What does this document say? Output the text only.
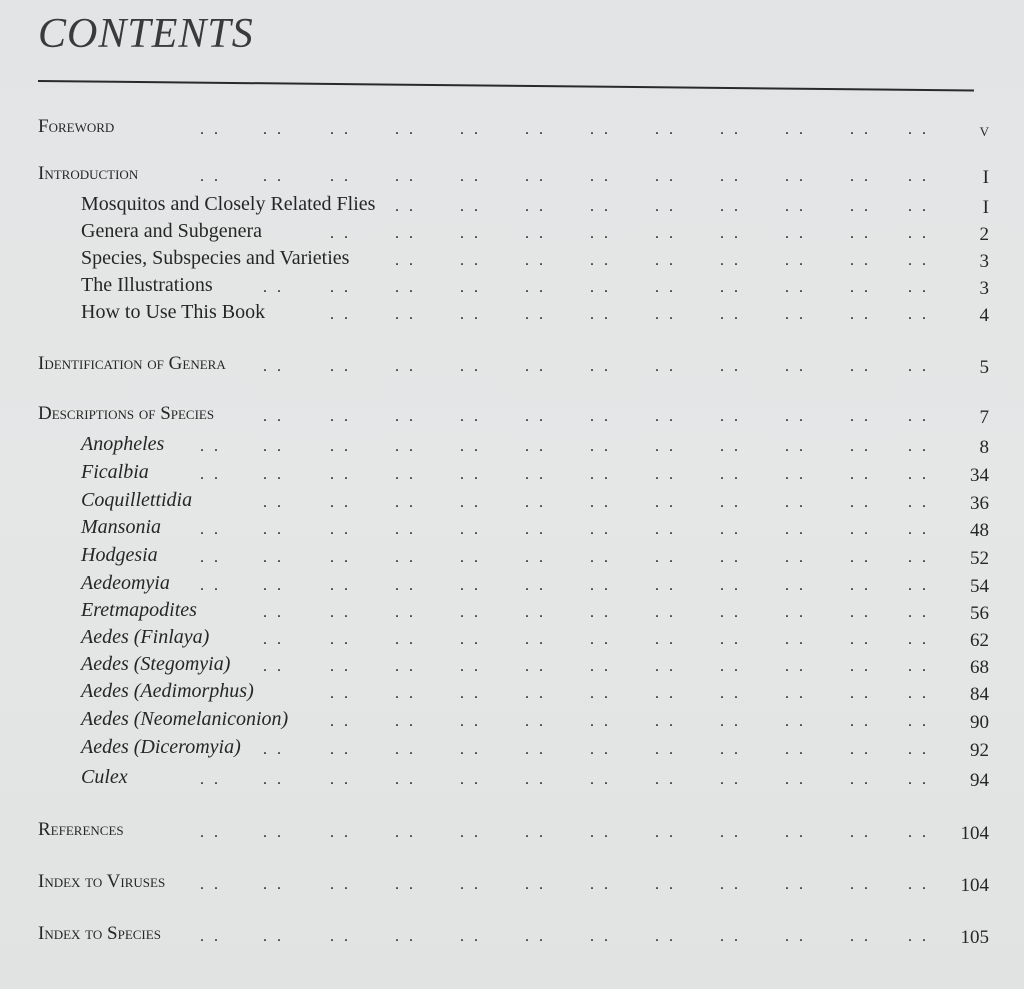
CONTENTS
Foreword	. .	. .	. .	. .	. .	. .	. .	. .	. .	. .	. . . .	v
Introduction	. .	. .	. .	. .	. .	. .	. .	. .	. .	. .	. . . .	I
Mosquitos and Closely Related Flies . .	. .	. .	. .	. .	. .	. .	. . . .	I
Genera and Subgenera	. .	. .	. .	. .	. .	. .	. .	. .	. . . .	2
Species, Subspecies and Varieties	. .	. .	. .	. .	. .	. .	. .	. . . .	3
The Illustrations	. .	. .	. .	. .	. .	. .	. .	. .	. .	. . . .	3
How to Use This Book	. .	. .	. .	. .	. .	. .	. .	. .	. . . .	4
Identification of Genera . .	. .	. .	. .	. .	. .	. .	. .	. .	. . . .	5
Descriptions of Species	. .	. .	. .	. .	. .	. .	. .	. .	. .	. . . .	7
Anopheles . .	. .	. .	. .	. .	. .	. .	. .	. .	. .	. . . .	8
Ficalbia	. .	. .	. .	. .	. .	. .	. .	. .	. .	. .	. . . . 34
Coquillettidia	. .	. .	. .	. .	. .	. .	. .	. .	. .	. . . . 36
Mansonia . .	. .	. .	. .	. .	. .	. .	. .	. .	. .	. . . . 48
Hodgesia	. .	. .	. .	. .	. .	. .	. .	. .	. .	. .	. . . . 52
Aedeomyia . .	. .	. .	. .	. .	. .	. .	. .	. .	. .	. . . . 54
Eretmapodites	. .	. .	. .	. .	. .	. .	. .	. .	. .	. . . . 56
Aedes (Finlaya)	. .	. .	. .	. .	. .	. .	. .	. .	. .	. . . . 62
Aedes (Stegomyia) . .	. .	. .	. .	. .	. .	. .	. .	. .	. . . . 68
Aedes (Aedimorphus)	. .	. .	. .	. .	. .	. .	. .	. .	. . . . 84
Aedes (Neomelaniconion)	. .	. .	. .	. .	. .	. .	. .	. .	. . . . 90
Aedes (Diceromyia) . .	. .	. .	. .	. .	. .	. .	. .	. .	. . . . 92
Culex	. .	. .	. .	. .	. .	. .	. .	. .	. .	. .	. . . . 94
References	. .	. .	. .	. .	. .	. .	. .	. .	. .	. .	. . . . 104
Index to Viruses . .	. .	. .	. .	. .	. .	. .	. .	. .	. .	. . . . 104
Index to Species . .	. .	. .	. .	. .	. .	. .	. .	. .	. .	. . . . 105
